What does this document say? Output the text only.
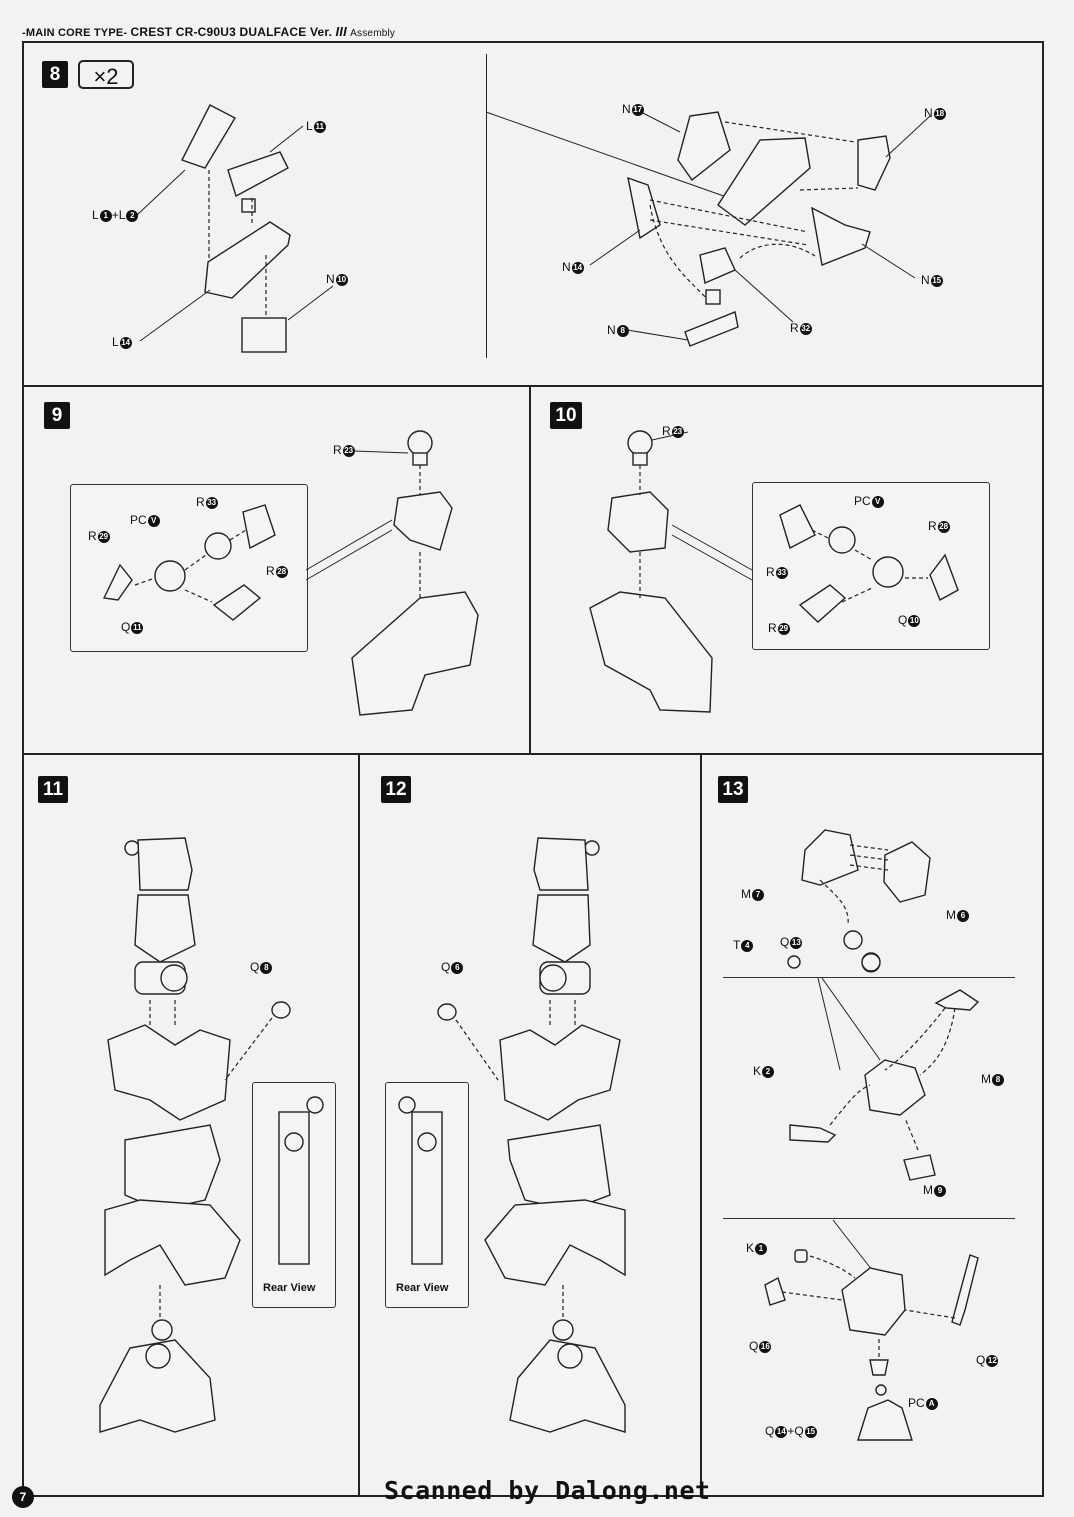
-MAIN CORE TYPE- CREST CR-C90U3 DUALFACE Ver. III Assembly
8	×2
9	10
11	12	13
L 11
L 1 +L 2
N 10
L 14
N 17	N 18
N 14
N 15
N 8	R 32
R 23
R 33
PC V
R 29
R 28
Q 11
R 23
PC V
R 28
R 33
R 29
Q 10
Q 8
Rear View
Q 6
Rear View
M 7
M 6
T 4	Q 13
K 2
M 8
M 9
K 1
Q 16
Q 12
PC A
Q 14 +Q 15
7	Scanned by Dalong.net
